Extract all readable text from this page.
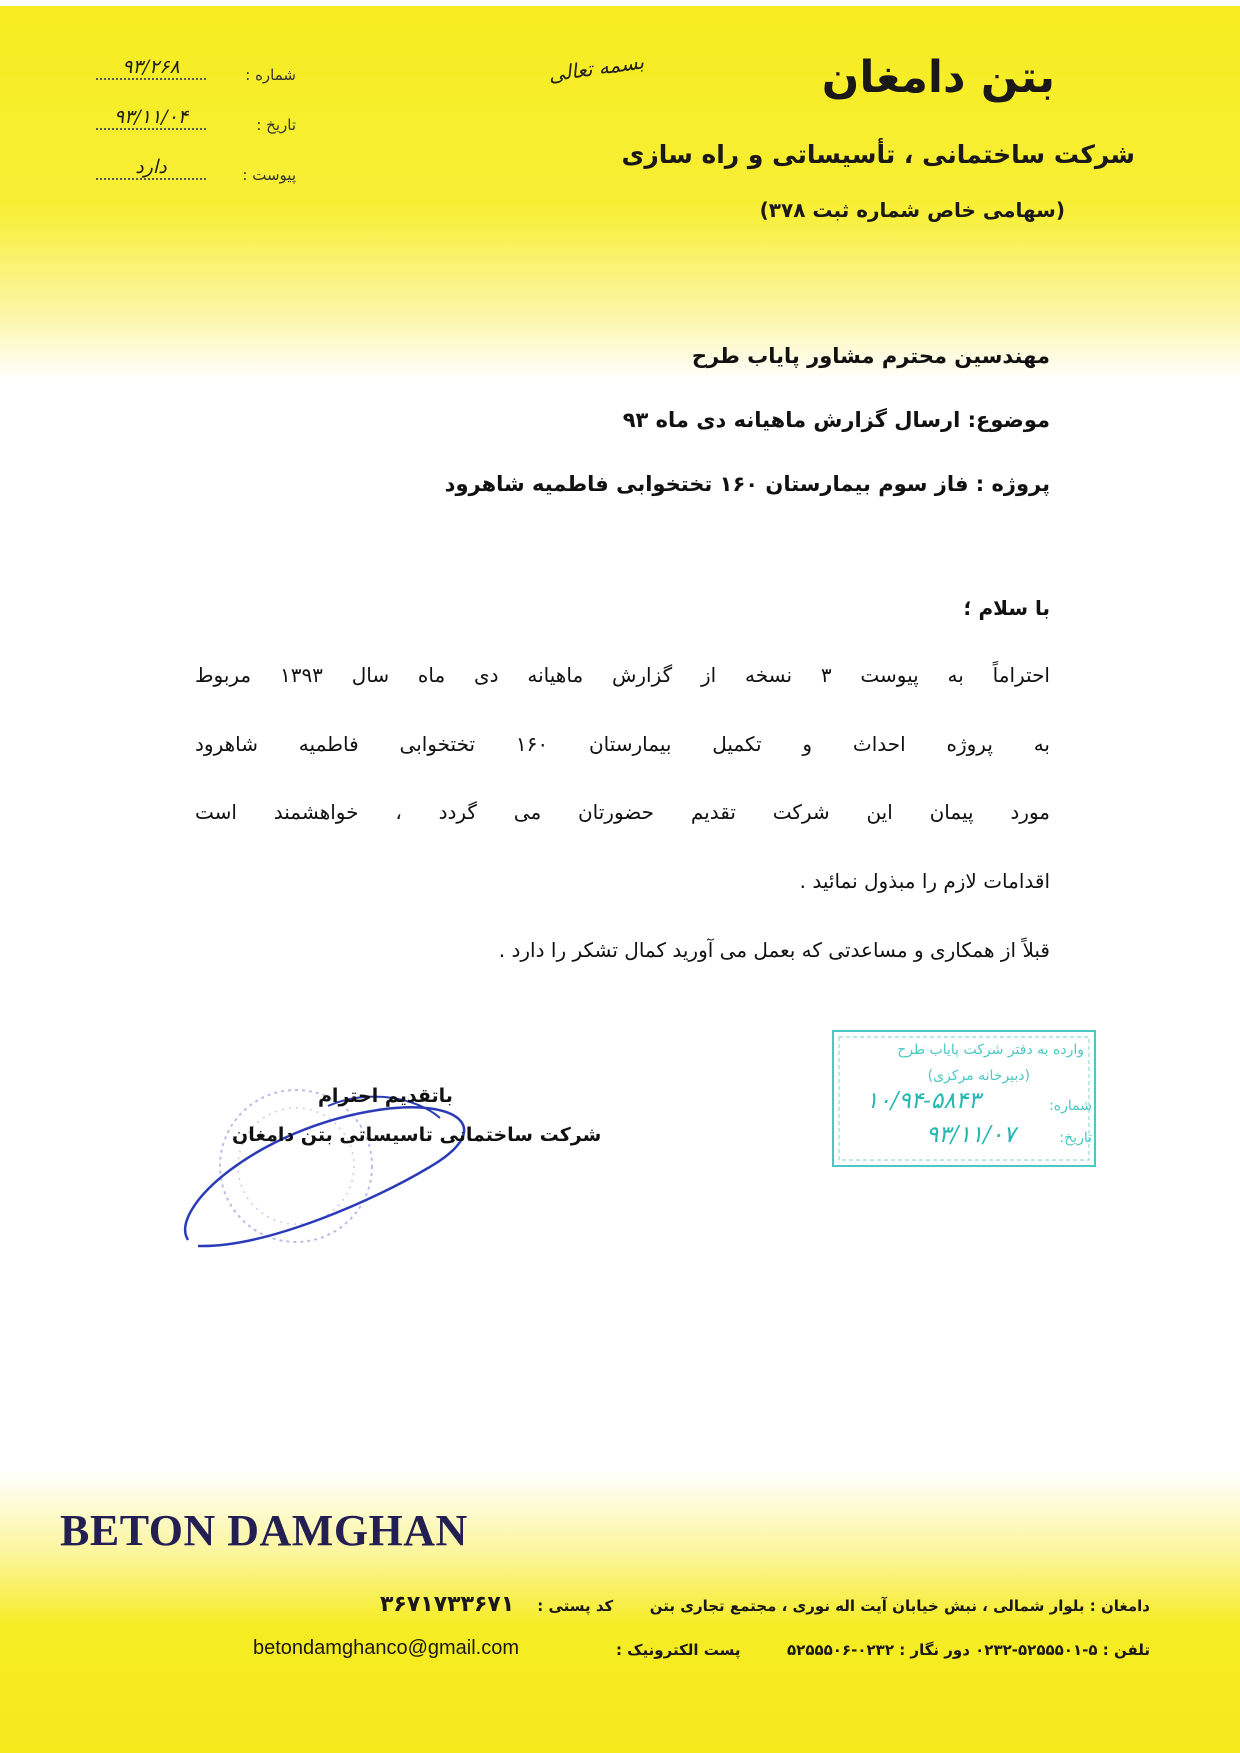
بتن دامغان
شرکت ساختمانی ، تأسیساتی و راه سازی
(سهامی خاص شماره ثبت ۳۷۸)
بسمه تعالی
شماره :
۹۳/۲۶۸
تاریخ :
۹۳/۱۱/۰۴
پیوست :
دارد
مهندسین محترم مشاور پایاب طرح
موضوع: ارسال گزارش ماهیانه دی ماه ۹۳
پروژه : فاز سوم بیمارستان ۱۶۰ تختخوابی فاطمیه شاهرود
با سلام ؛
احتراماً به پیوست ۳ نسخه از گزارش ماهیانه دی ماه سال ۱۳۹۳ مربوط
به پروژه احداث و تکمیل بیمارستان ۱۶۰ تختخوابی فاطمیه شاهرود
مورد پیمان این شرکت تقدیم حضورتان می گردد ، خواهشمند است
اقدامات لازم را مبذول نمائید .
قبلاً از همکاری و مساعدتی که بعمل می آورید کمال تشکر را دارد .
باتقدیم احترام
شرکت ساختمانی تاسیساتی بتن دامغان
وارده به دفتر شرکت پایاب طرح
(دبیرخانه مرکزی)
شماره:
۱۰/۹۴-۵۸۴۳
تاریخ:
۹۳/۱۱/۰۷
BETON DAMGHAN
دامغان : بلوار شمالی ، نبش خیابان آیت اله نوری ، مجتمع تجاری بتن  کد پستی :
۳۶۷۱۷۳۳۶۷۱
تلفن : ۵-۵۲۵۵۵۰۱-۰۲۳۲ دور نگار : ۰۲۳۲-۵۲۵۵۵۰۶  پست الکترونیک :
betondamghanco@gmail.com
